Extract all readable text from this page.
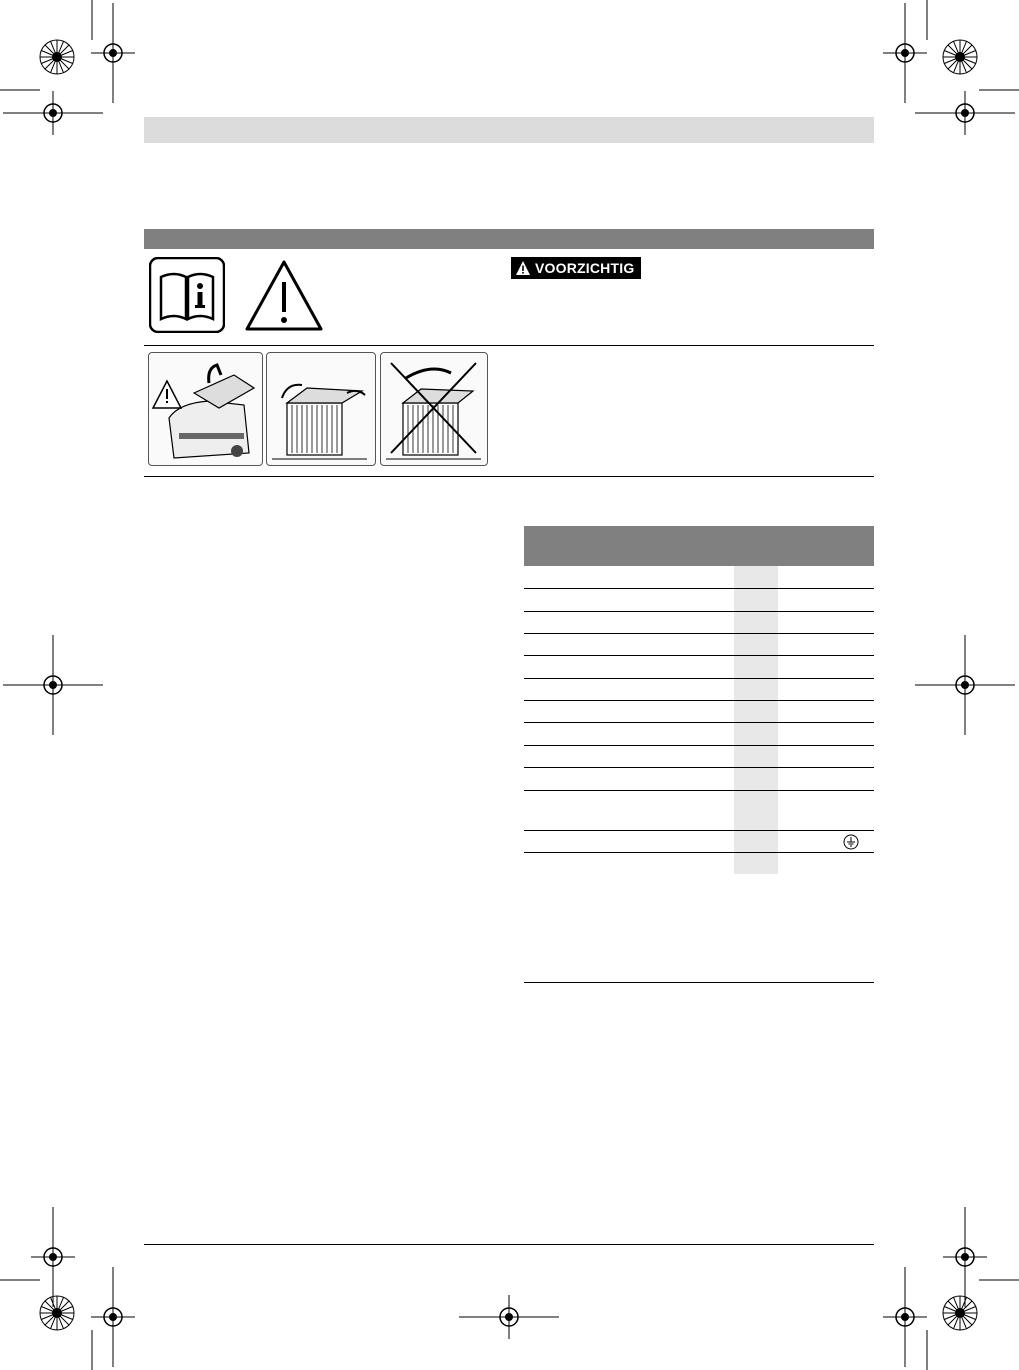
VOORZICHTIG
